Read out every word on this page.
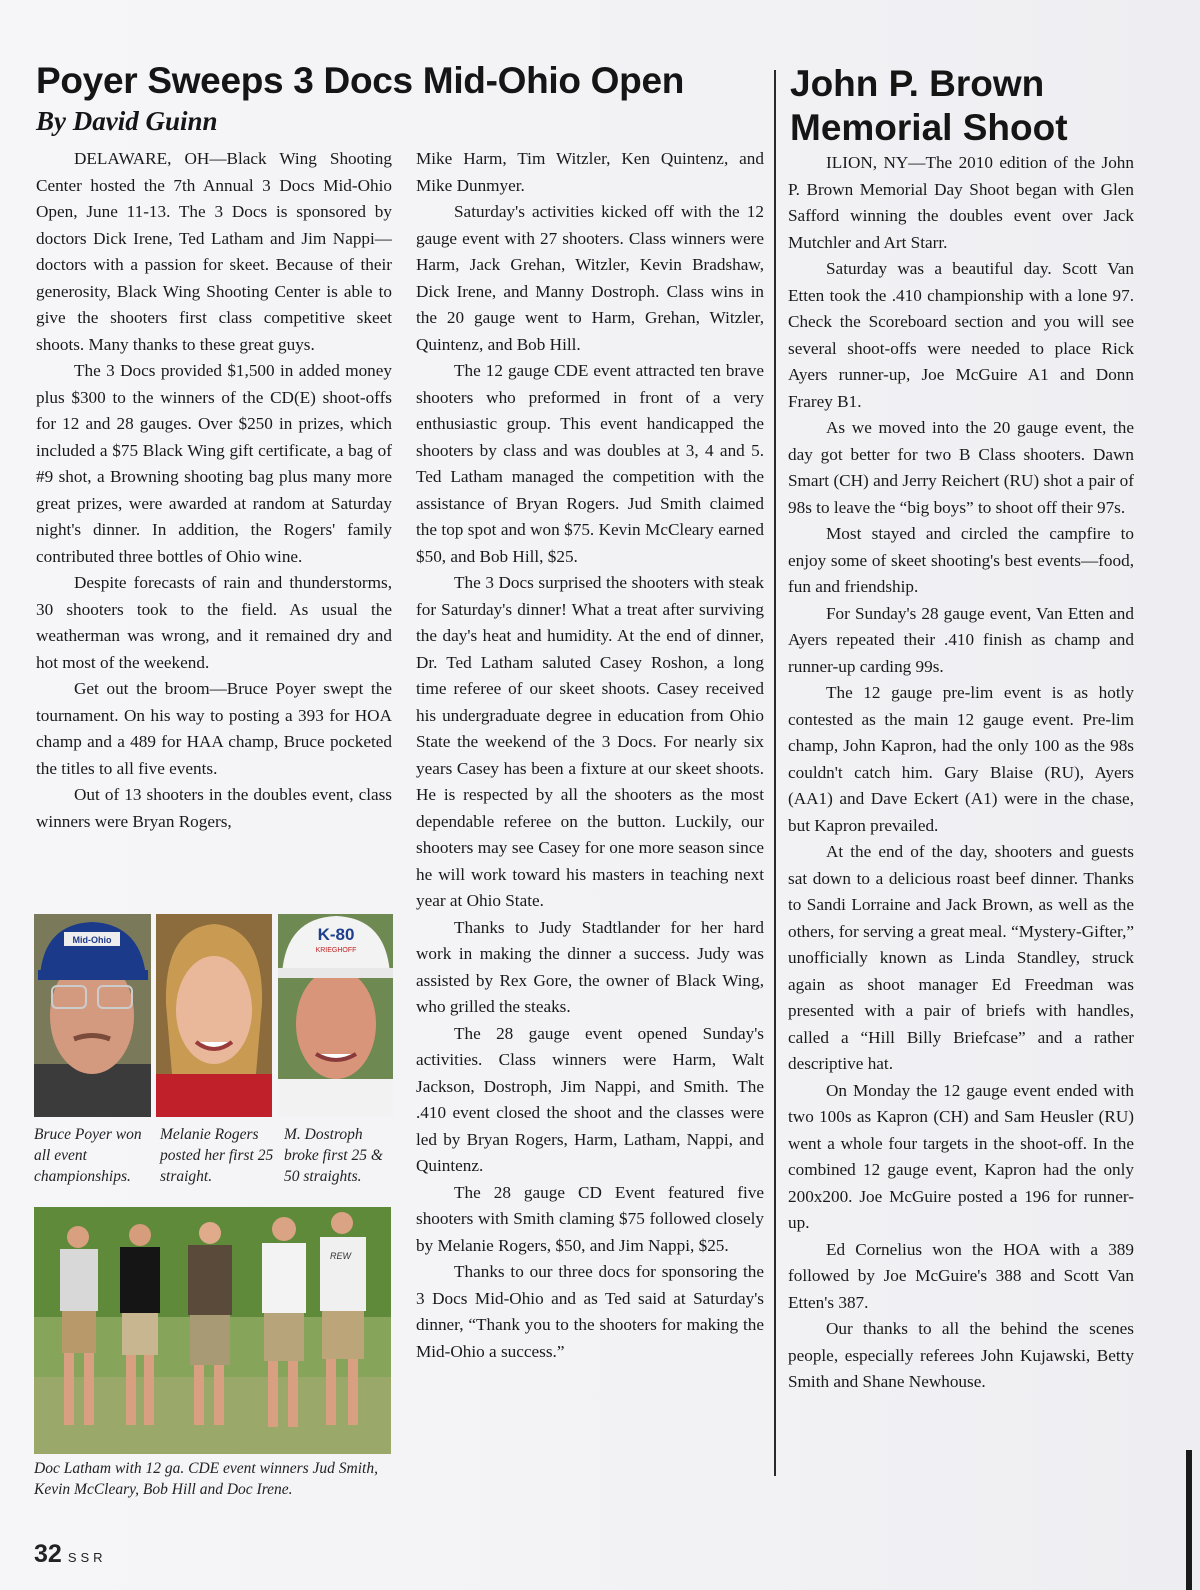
Poyer Sweeps 3 Docs Mid-Ohio Open
By David Guinn

DELAWARE, OH—Black Wing Shooting Center hosted the 7th Annual 3 Docs Mid-Ohio Open, June 11-13. The 3 Docs is sponsored by doctors Dick Irene, Ted Latham and Jim Nappi—doctors with a passion for skeet. Because of their generosity, Black Wing Shooting Center is able to give the shooters first class competitive skeet shoots. Many thanks to these great guys.

The 3 Docs provided $1,500 in added money plus $300 to the winners of the CD(E) shoot-offs for 12 and 28 gauges. Over $250 in prizes, which included a $75 Black Wing gift certificate, a bag of #9 shot, a Browning shooting bag plus many more great prizes, were awarded at random at Saturday night's dinner. In addition, the Rogers' family contributed three bottles of Ohio wine.

Despite forecasts of rain and thunderstorms, 30 shooters took to the field. As usual the weatherman was wrong, and it remained dry and hot most of the weekend.

Get out the broom—Bruce Poyer swept the tournament. On his way to posting a 393 for HOA champ and a 489 for HAA champ, Bruce pocketed the titles to all five events.

Out of 13 shooters in the doubles event, class winners were Bryan Rogers,

Mid-Ohio	K-80
KRIEGHOFF
Bruce Poyer won all event championships.
Melanie Rogers posted her first 25 straight.
M. Dostroph broke first 25 & 50 straights.
REW
Doc Latham with 12 ga. CDE event winners Jud Smith, Kevin McCleary, Bob Hill and Doc Irene.

Mike Harm, Tim Witzler, Ken Quintenz, and Mike Dunmyer.

Saturday's activities kicked off with the 12 gauge event with 27 shooters. Class winners were Harm, Jack Grehan, Witzler, Kevin Bradshaw, Dick Irene, and Manny Dostroph. Class wins in the 20 gauge went to Harm, Grehan, Witzler, Quintenz, and Bob Hill.

The 12 gauge CDE event attracted ten brave shooters who preformed in front of a very enthusiastic group. This event handicapped the shooters by class and was doubles at 3, 4 and 5. Ted Latham managed the competition with the assistance of Bryan Rogers. Jud Smith claimed the top spot and won $75. Kevin McCleary earned $50, and Bob Hill, $25.

The 3 Docs surprised the shooters with steak for Saturday's dinner! What a treat after surviving the day's heat and humidity. At the end of dinner, Dr. Ted Latham saluted Casey Roshon, a long time referee of our skeet shoots. Casey received his undergraduate degree in education from Ohio State the weekend of the 3 Docs. For nearly six years Casey has been a fixture at our skeet shoots. He is respected by all the shooters as the most dependable referee on the button. Luckily, our shooters may see Casey for one more season since he will work toward his masters in teaching next year at Ohio State.

Thanks to Judy Stadtlander for her hard work in making the dinner a success. Judy was assisted by Rex Gore, the owner of Black Wing, who grilled the steaks.

The 28 gauge event opened Sunday's activities. Class winners were Harm, Walt Jackson, Dostroph, Jim Nappi, and Smith. The .410 event closed the shoot and the classes were led by Bryan Rogers, Harm, Latham, Nappi, and Quintenz.

The 28 gauge CD Event featured five shooters with Smith claming $75 followed closely by Melanie Rogers, $50, and Jim Nappi, $25.

Thanks to our three docs for sponsoring the 3 Docs Mid-Ohio and as Ted said at Saturday's dinner, “Thank you to the shooters for making the Mid-Ohio a success.”

John P. Brown Memorial Shoot

ILION, NY—The 2010 edition of the John P. Brown Memorial Day Shoot began with Glen Safford winning the doubles event over Jack Mutchler and Art Starr.

Saturday was a beautiful day. Scott Van Etten took the .410 championship with a lone 97. Check the Scoreboard section and you will see several shoot-offs were needed to place Rick Ayers runner-up, Joe McGuire A1 and Donn Frarey B1.

As we moved into the 20 gauge event, the day got better for two B Class shooters. Dawn Smart (CH) and Jerry Reichert (RU) shot a pair of 98s to leave the “big boys” to shoot off their 97s.

Most stayed and circled the campfire to enjoy some of skeet shooting's best events—food, fun and friendship.

For Sunday's 28 gauge event, Van Etten and Ayers repeated their .410 finish as champ and runner-up carding 99s.

The 12 gauge pre-lim event is as hotly contested as the main 12 gauge event. Pre-lim champ, John Kapron, had the only 100 as the 98s couldn't catch him. Gary Blaise (RU), Ayers (AA1) and Dave Eckert (A1) were in the chase, but Kapron prevailed.

At the end of the day, shooters and guests sat down to a delicious roast beef dinner. Thanks to Sandi Lorraine and Jack Brown, as well as the others, for serving a great meal. “Mystery-Gifter,” unofficially known as Linda Standley, struck again as shoot manager Ed Freedman was presented with a pair of briefs with handles, called a “Hill Billy Briefcase” and a rather descriptive hat.

On Monday the 12 gauge event ended with two 100s as Kapron (CH) and Sam Heusler (RU) went a whole four targets in the shoot-off. In the combined 12 gauge event, Kapron had the only 200x200. Joe McGuire posted a 196 for runner-up.

Ed Cornelius won the HOA with a 389 followed by Joe McGuire's 388 and Scott Van Etten's 387.

Our thanks to all the behind the scenes people, especially referees John Kujawski, Betty Smith and Shane Newhouse.

32 SSR
